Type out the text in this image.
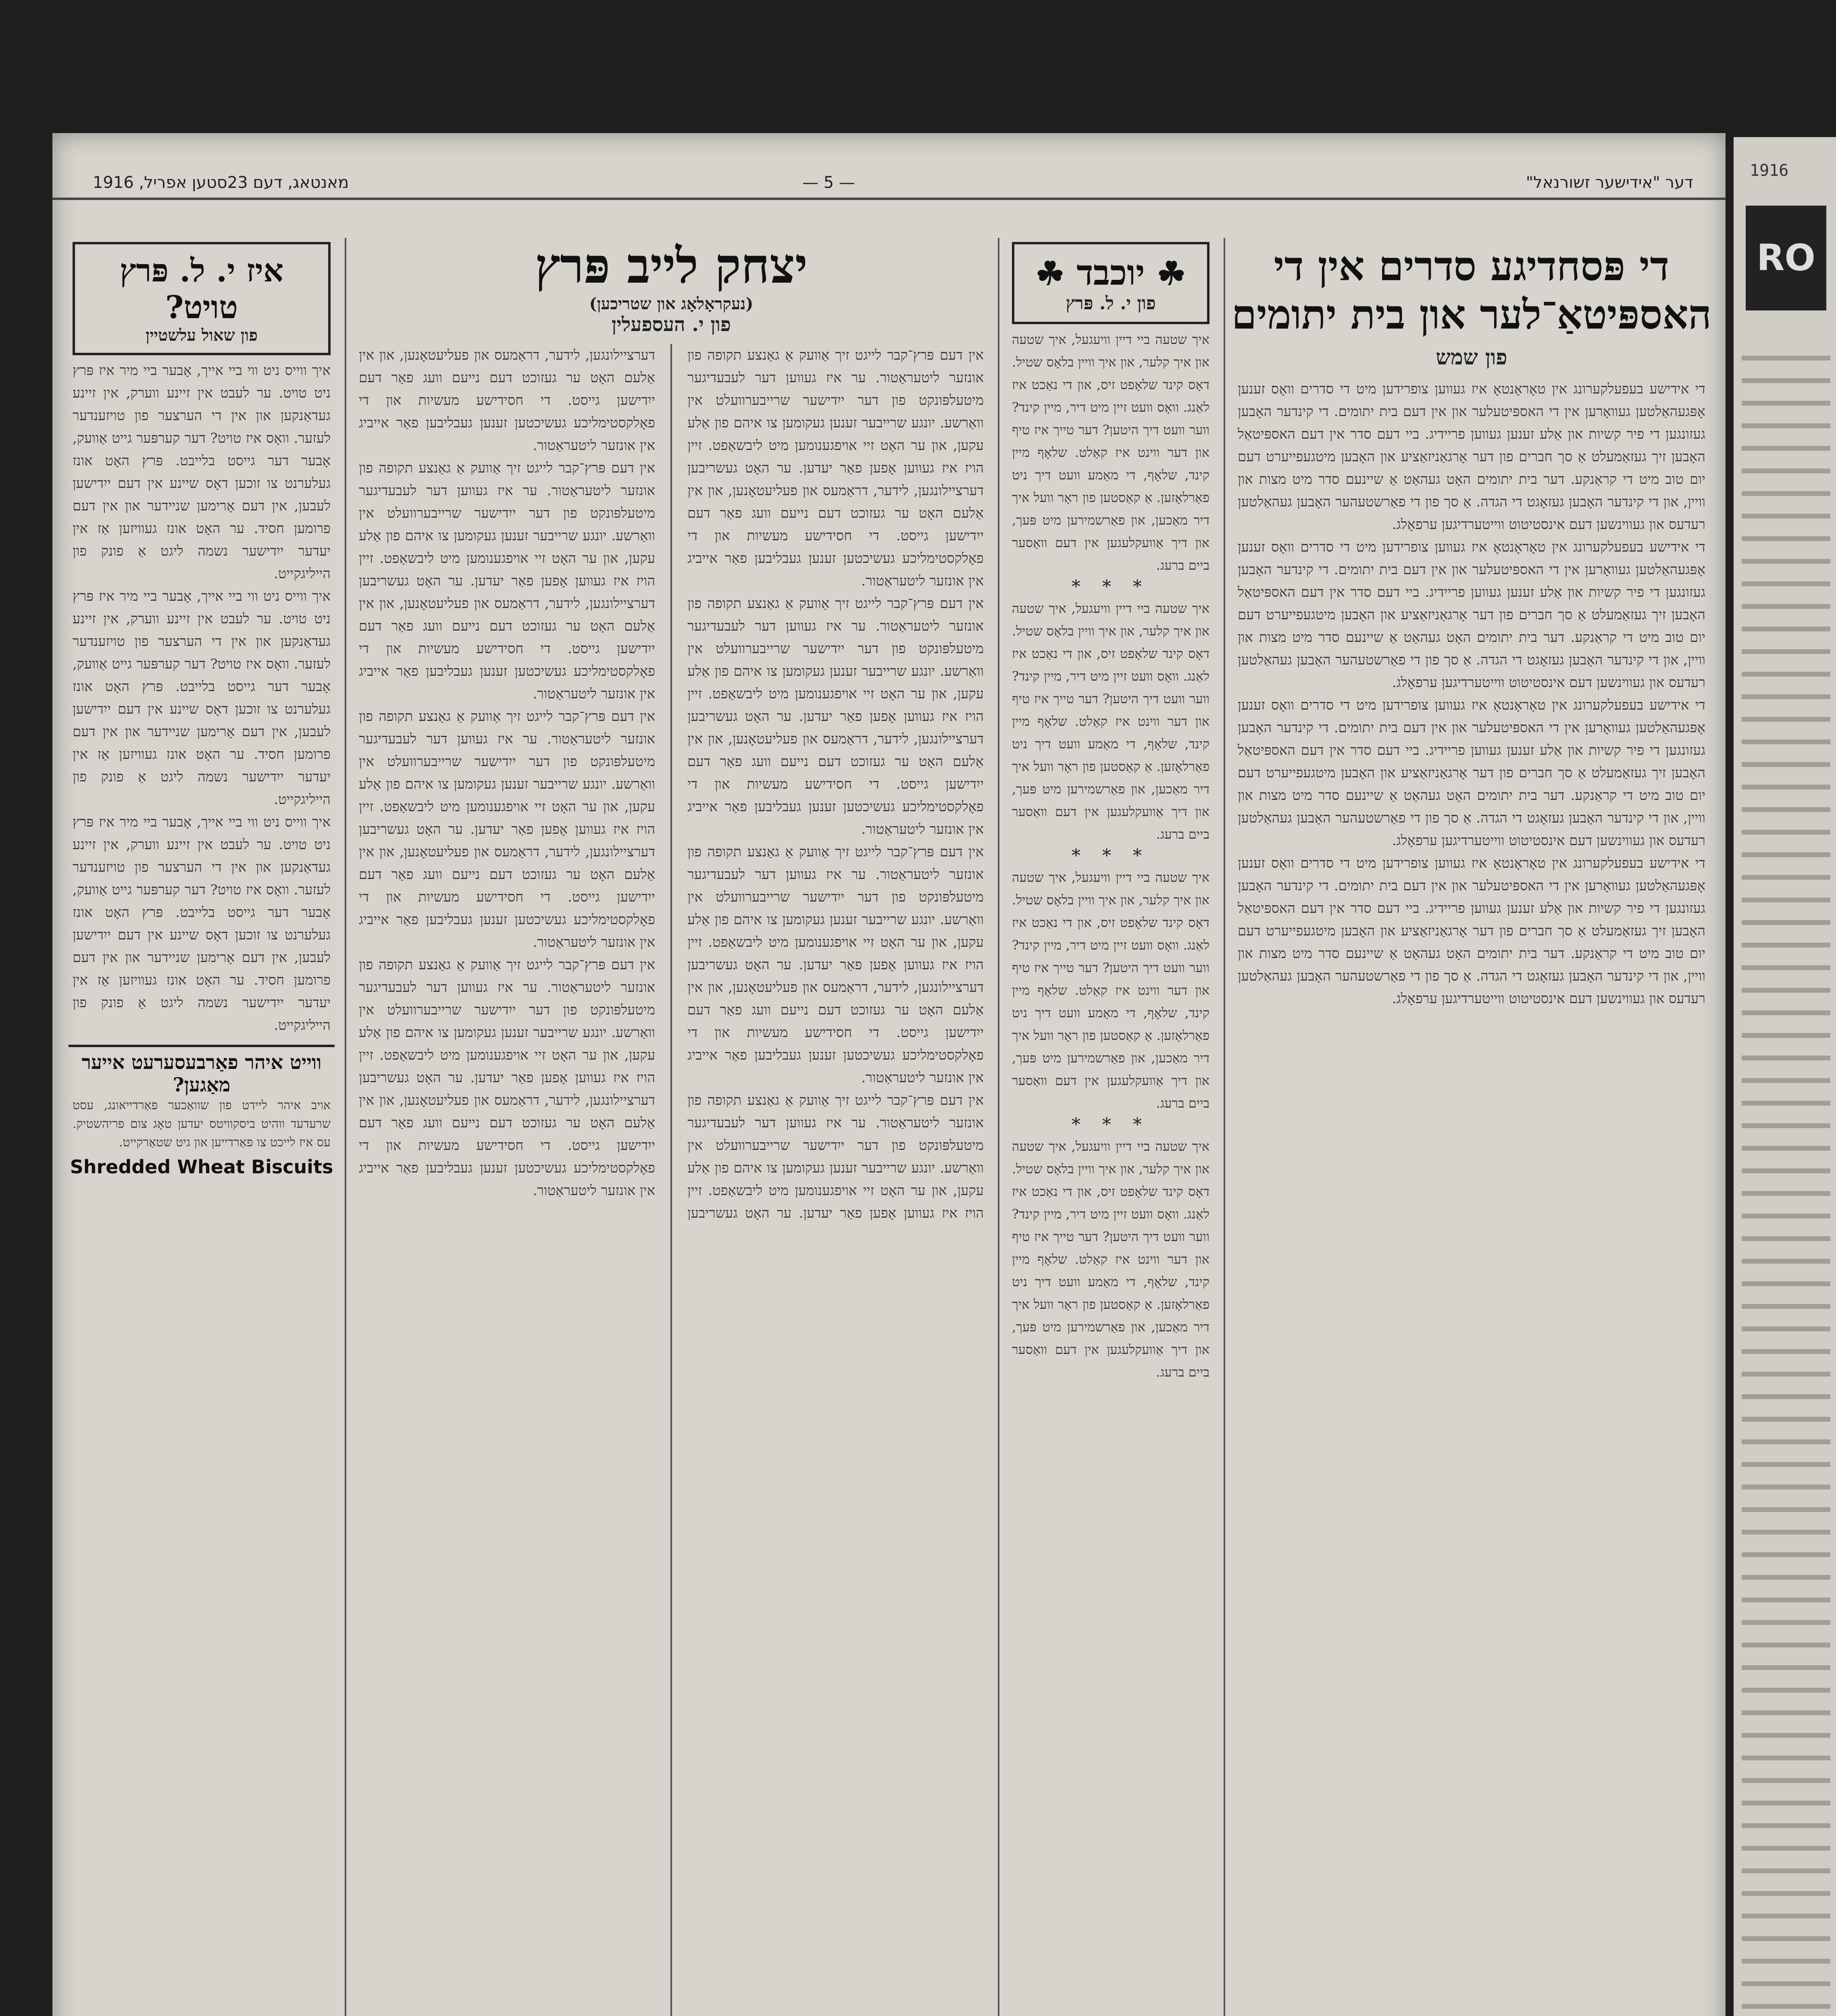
1916
RO
מאנטאג, דעם 23סטען אפריל, 1916	— 5 —	דער "אידישער זשורנאל"
די פּסחדיגע סדרים אין די האספּיטאַ־לער און בית יתומים
פון שמש
די אידישע בעפעלקערונג אין טאָראָנטאָ איז געווען צופרידען מיט די סדרים וואָס זענען אָפּגעהאַלטען געוואָרען אין די האספּיטעלער און אין דעם בית יתומים. די קינדער האָבען געזונגען די פיר קשיות און אַלע זענען געווען פריידיג. ביי דעם סדר אין דעם האספּיטאַל האָבען זיך געזאַמעלט אַ סך חברים פון דער אָרגאַניזאַציע און האָבען מיטגעפייערט דעם יום טוב מיט די קראַנקע. דער בית יתומים האָט געהאַט אַ שיינעם סדר מיט מצות און וויין, און די קינדער האָבען געזאָגט די הגדה. אַ סך פון די פאַרשטעהער האָבען געהאַלטען רעדעס און געווינשען דעם אינסטיטוט ווייטערדיגען ערפאָלג.
די אידישע בעפעלקערונג אין טאָראָנטאָ איז געווען צופרידען מיט די סדרים וואָס זענען אָפּגעהאַלטען געוואָרען אין די האספּיטעלער און אין דעם בית יתומים. די קינדער האָבען געזונגען די פיר קשיות און אַלע זענען געווען פריידיג. ביי דעם סדר אין דעם האספּיטאַל האָבען זיך געזאַמעלט אַ סך חברים פון דער אָרגאַניזאַציע און האָבען מיטגעפייערט דעם יום טוב מיט די קראַנקע. דער בית יתומים האָט געהאַט אַ שיינעם סדר מיט מצות און וויין, און די קינדער האָבען געזאָגט די הגדה. אַ סך פון די פאַרשטעהער האָבען געהאַלטען רעדעס און געווינשען דעם אינסטיטוט ווייטערדיגען ערפאָלג.
די אידישע בעפעלקערונג אין טאָראָנטאָ איז געווען צופרידען מיט די סדרים וואָס זענען אָפּגעהאַלטען געוואָרען אין די האספּיטעלער און אין דעם בית יתומים. די קינדער האָבען געזונגען די פיר קשיות און אַלע זענען געווען פריידיג. ביי דעם סדר אין דעם האספּיטאַל האָבען זיך געזאַמעלט אַ סך חברים פון דער אָרגאַניזאַציע און האָבען מיטגעפייערט דעם יום טוב מיט די קראַנקע. דער בית יתומים האָט געהאַט אַ שיינעם סדר מיט מצות און וויין, און די קינדער האָבען געזאָגט די הגדה. אַ סך פון די פאַרשטעהער האָבען געהאַלטען רעדעס און געווינשען דעם אינסטיטוט ווייטערדיגען ערפאָלג.
די אידישע בעפעלקערונג אין טאָראָנטאָ איז געווען צופרידען מיט די סדרים וואָס זענען אָפּגעהאַלטען געוואָרען אין די האספּיטעלער און אין דעם בית יתומים. די קינדער האָבען געזונגען די פיר קשיות און אַלע זענען געווען פריידיג. ביי דעם סדר אין דעם האספּיטאַל האָבען זיך געזאַמעלט אַ סך חברים פון דער אָרגאַניזאַציע און האָבען מיטגעפייערט דעם יום טוב מיט די קראַנקע. דער בית יתומים האָט געהאַט אַ שיינעם סדר מיט מצות און וויין, און די קינדער האָבען געזאָגט די הגדה. אַ סך פון די פאַרשטעהער האָבען געהאַלטען רעדעס און געווינשען דעם אינסטיטוט ווייטערדיגען ערפאָלג.
☘ יוכבד ☘
פון י. ל. פּרץ
איך שטעה ביי דיין וויעגעל, איך שטעה און איך קלער, און איך וויין בלאָס שטיל. דאָס קינד שלאָפט זיס, און די נאַכט איז לאַנג. וואָס וועט זיין מיט דיר, מיין קינד? ווער וועט דיך היטען? דער טייך איז טיף און דער ווינט איז קאַלט. שלאָף מיין קינד, שלאָף, די מאַמע וועט דיך ניט פאַרלאָזען. אַ קאַסטען פון ראָר וועל איך דיר מאַכען, און פאַרשמירען מיט פּעך, און דיך אַוועקלעגען אין דעם וואַסער ביים ברעג.
* * *
איך שטעה ביי דיין וויעגעל, איך שטעה און איך קלער, און איך וויין בלאָס שטיל. דאָס קינד שלאָפט זיס, און די נאַכט איז לאַנג. וואָס וועט זיין מיט דיר, מיין קינד? ווער וועט דיך היטען? דער טייך איז טיף און דער ווינט איז קאַלט. שלאָף מיין קינד, שלאָף, די מאַמע וועט דיך ניט פאַרלאָזען. אַ קאַסטען פון ראָר וועל איך דיר מאַכען, און פאַרשמירען מיט פּעך, און דיך אַוועקלעגען אין דעם וואַסער ביים ברעג.
* * *
איך שטעה ביי דיין וויעגעל, איך שטעה און איך קלער, און איך וויין בלאָס שטיל. דאָס קינד שלאָפט זיס, און די נאַכט איז לאַנג. וואָס וועט זיין מיט דיר, מיין קינד? ווער וועט דיך היטען? דער טייך איז טיף און דער ווינט איז קאַלט. שלאָף מיין קינד, שלאָף, די מאַמע וועט דיך ניט פאַרלאָזען. אַ קאַסטען פון ראָר וועל איך דיר מאַכען, און פאַרשמירען מיט פּעך, און דיך אַוועקלעגען אין דעם וואַסער ביים ברעג.
* * *
איך שטעה ביי דיין וויעגעל, איך שטעה און איך קלער, און איך וויין בלאָס שטיל. דאָס קינד שלאָפט זיס, און די נאַכט איז לאַנג. וואָס וועט זיין מיט דיר, מיין קינד? ווער וועט דיך היטען? דער טייך איז טיף און דער ווינט איז קאַלט. שלאָף מיין קינד, שלאָף, די מאַמע וועט דיך ניט פאַרלאָזען. אַ קאַסטען פון ראָר וועל איך דיר מאַכען, און פאַרשמירען מיט פּעך, און דיך אַוועקלעגען אין דעם וואַסער ביים ברעג.
יצחק לייב פּרץ
(נעקראָלאָג און שטריכען)
פון י. העספעלין
אין דעם פּרץ־קבר לייגט זיך אַוועק אַ גאַנצע תקופה פון אונזער ליטעראַטור. ער איז געווען דער לעבעדיגער מיטעלפּונקט פון דער ייִדישער שרייבערוועלט אין וואַרשע. יונגע שרייבער זענען געקומען צו איהם פון אַלע עקען, און ער האָט זיי אויפגענומען מיט ליבשאַפט. זיין הויז איז געווען אָפען פאַר יעדען. ער האָט געשריבען דערציילונגען, לידער, דראַמעס און פעליעטאָנען, און אין אַלעם האָט ער געזוכט דעם נייעם וועג פאַר דעם ייִדישען גייסט. די חסידישע מעשיות און די פאָלקסטימליכע געשיכטען זענען געבליבען פאַר אייביג אין אונזער ליטעראַטור.
אין דעם פּרץ־קבר לייגט זיך אַוועק אַ גאַנצע תקופה פון אונזער ליטעראַטור. ער איז געווען דער לעבעדיגער מיטעלפּונקט פון דער ייִדישער שרייבערוועלט אין וואַרשע. יונגע שרייבער זענען געקומען צו איהם פון אַלע עקען, און ער האָט זיי אויפגענומען מיט ליבשאַפט. זיין הויז איז געווען אָפען פאַר יעדען. ער האָט געשריבען דערציילונגען, לידער, דראַמעס און פעליעטאָנען, און אין אַלעם האָט ער געזוכט דעם נייעם וועג פאַר דעם ייִדישען גייסט. די חסידישע מעשיות און די פאָלקסטימליכע געשיכטען זענען געבליבען פאַר אייביג אין אונזער ליטעראַטור.
אין דעם פּרץ־קבר לייגט זיך אַוועק אַ גאַנצע תקופה פון אונזער ליטעראַטור. ער איז געווען דער לעבעדיגער מיטעלפּונקט פון דער ייִדישער שרייבערוועלט אין וואַרשע. יונגע שרייבער זענען געקומען צו איהם פון אַלע עקען, און ער האָט זיי אויפגענומען מיט ליבשאַפט. זיין הויז איז געווען אָפען פאַר יעדען. ער האָט געשריבען דערציילונגען, לידער, דראַמעס און פעליעטאָנען, און אין אַלעם האָט ער געזוכט דעם נייעם וועג פאַר דעם ייִדישען גייסט. די חסידישע מעשיות און די פאָלקסטימליכע געשיכטען זענען געבליבען פאַר אייביג אין אונזער ליטעראַטור.
אין דעם פּרץ־קבר לייגט זיך אַוועק אַ גאַנצע תקופה פון אונזער ליטעראַטור. ער איז געווען דער לעבעדיגער מיטעלפּונקט פון דער ייִדישער שרייבערוועלט אין וואַרשע. יונגע שרייבער זענען געקומען צו איהם פון אַלע עקען, און ער האָט זיי אויפגענומען מיט ליבשאַפט. זיין הויז איז געווען אָפען פאַר יעדען. ער האָט געשריבען דערציילונגען, לידער, דראַמעס און פעליעטאָנען, און אין אַלעם האָט ער געזוכט דעם נייעם וועג פאַר דעם ייִדישען גייסט. די חסידישע מעשיות און די פאָלקסטימליכע געשיכטען זענען געבליבען פאַר אייביג אין אונזער ליטעראַטור.
אין דעם פּרץ־קבר לייגט זיך אַוועק אַ גאַנצע תקופה פון אונזער ליטעראַטור. ער איז געווען דער לעבעדיגער מיטעלפּונקט פון דער ייִדישער שרייבערוועלט אין וואַרשע. יונגע שרייבער זענען געקומען צו איהם פון אַלע עקען, און ער האָט זיי אויפגענומען מיט ליבשאַפט. זיין הויז איז געווען אָפען פאַר יעדען. ער האָט געשריבען דערציילונגען, לידער, דראַמעס און פעליעטאָנען, און אין אַלעם האָט ער געזוכט דעם נייעם וועג פאַר דעם ייִדישען גייסט. די חסידישע מעשיות און די פאָלקסטימליכע געשיכטען זענען געבליבען פאַר אייביג אין אונזער ליטעראַטור.
אין דעם פּרץ־קבר לייגט זיך אַוועק אַ גאַנצע תקופה פון אונזער ליטעראַטור. ער איז געווען דער לעבעדיגער מיטעלפּונקט פון דער ייִדישער שרייבערוועלט אין וואַרשע. יונגע שרייבער זענען געקומען צו איהם פון אַלע עקען, און ער האָט זיי אויפגענומען מיט ליבשאַפט. זיין הויז איז געווען אָפען פאַר יעדען. ער האָט געשריבען דערציילונגען, לידער, דראַמעס און פעליעטאָנען, און אין אַלעם האָט ער געזוכט דעם נייעם וועג פאַר דעם ייִדישען גייסט. די חסידישע מעשיות און די פאָלקסטימליכע געשיכטען זענען געבליבען פאַר אייביג אין אונזער ליטעראַטור.
אין דעם פּרץ־קבר לייגט זיך אַוועק אַ גאַנצע תקופה פון אונזער ליטעראַטור. ער איז געווען דער לעבעדיגער מיטעלפּונקט פון דער ייִדישער שרייבערוועלט אין וואַרשע. יונגע שרייבער זענען געקומען צו איהם פון אַלע עקען, און ער האָט זיי אויפגענומען מיט ליבשאַפט. זיין הויז איז געווען אָפען פאַר יעדען. ער האָט געשריבען דערציילונגען, לידער, דראַמעס און פעליעטאָנען, און אין אַלעם האָט ער געזוכט דעם נייעם וועג פאַר דעם ייִדישען גייסט. די חסידישע מעשיות און די פאָלקסטימליכע געשיכטען זענען געבליבען פאַר אייביג אין אונזער ליטעראַטור.
איז י. ל. פּרץ טויט?
פון שאול עלשטיין
איך ווייס ניט ווי ביי אייך, אָבער ביי מיר איז פּרץ ניט טויט. ער לעבט אין זיינע ווערק, אין זיינע געדאַנקען און אין די הערצער פון טויזענדער לעזער. וואָס איז טויט? דער קערפּער גייט אַוועק, אָבער דער גייסט בלייבט. פּרץ האָט אונז געלערנט צו זוכען דאָס שיינע אין דעם ייִדישען לעבען, אין דעם אָרימען שניידער און אין דעם פרומען חסיד. ער האָט אונז געוויזען אַז אין יעדער ייִדישער נשמה ליגט אַ פונק פון הייליגקייט.
איך ווייס ניט ווי ביי אייך, אָבער ביי מיר איז פּרץ ניט טויט. ער לעבט אין זיינע ווערק, אין זיינע געדאַנקען און אין די הערצער פון טויזענדער לעזער. וואָס איז טויט? דער קערפּער גייט אַוועק, אָבער דער גייסט בלייבט. פּרץ האָט אונז געלערנט צו זוכען דאָס שיינע אין דעם ייִדישען לעבען, אין דעם אָרימען שניידער און אין דעם פרומען חסיד. ער האָט אונז געוויזען אַז אין יעדער ייִדישער נשמה ליגט אַ פונק פון הייליגקייט.
איך ווייס ניט ווי ביי אייך, אָבער ביי מיר איז פּרץ ניט טויט. ער לעבט אין זיינע ווערק, אין זיינע געדאַנקען און אין די הערצער פון טויזענדער לעזער. וואָס איז טויט? דער קערפּער גייט אַוועק, אָבער דער גייסט בלייבט. פּרץ האָט אונז געלערנט צו זוכען דאָס שיינע אין דעם ייִדישען לעבען, אין דעם אָרימען שניידער און אין דעם פרומען חסיד. ער האָט אונז געוויזען אַז אין יעדער ייִדישער נשמה ליגט אַ פונק פון הייליגקייט.
ווייט איהר פאַרבעסערעט אייער מאַגען?
אויב איהר ליידט פון שוואַכער פאַרדייאונג, עסט שרעדעד ווהיט ביסקוויטס יעדען טאָג צום פריהשטיק. עס איז לייכט צו פאַרדייען און גיט שטאַרקייט.
Shredded Wheat Biscuits
